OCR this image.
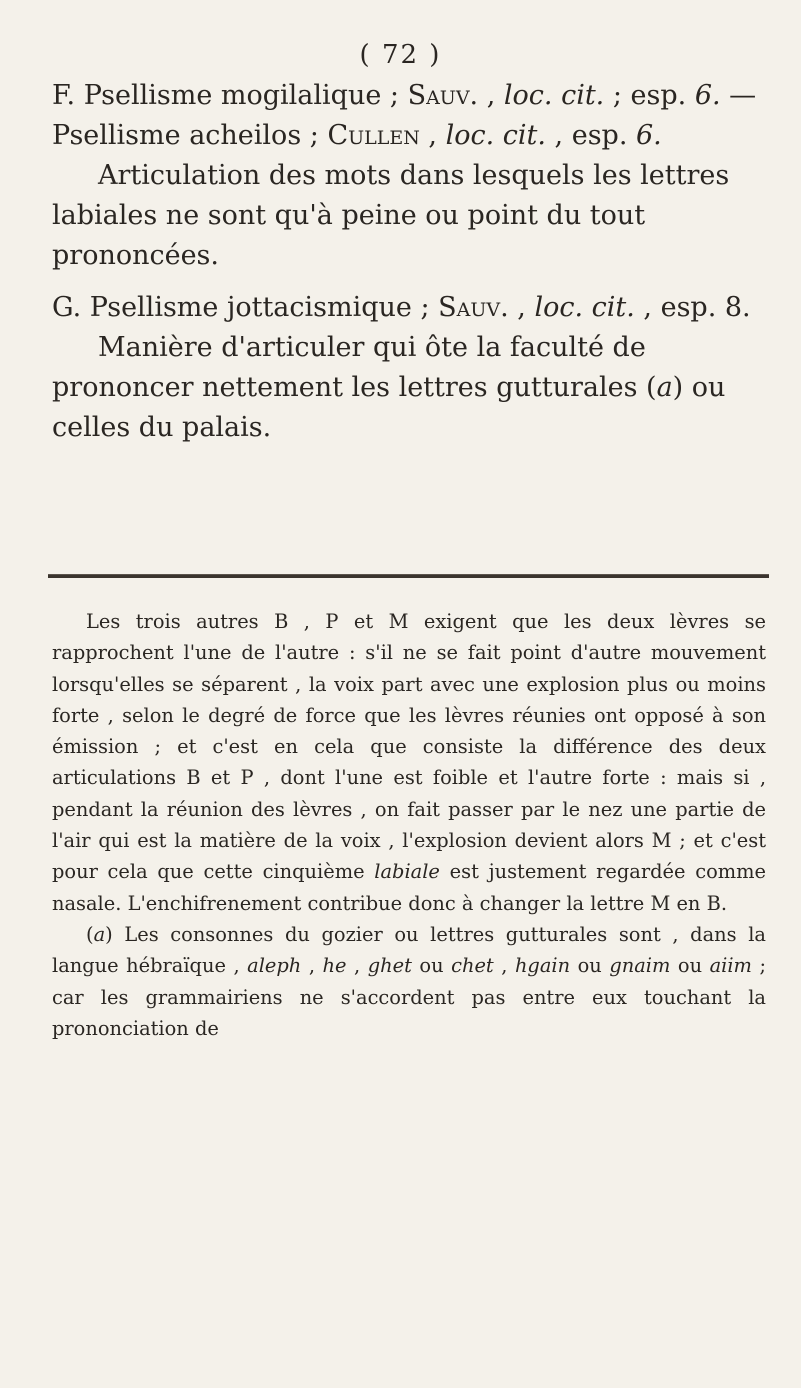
( 72 )

F. Psellisme mogilalique ; Sauv. , loc. cit. ; esp. 6. — Psellisme acheilos ; Cullen , loc. cit. , esp. 6.

Articulation des mots dans lesquels les lettres labiales ne sont qu'à peine ou point du tout prononcées.

G. Psellisme jottacismique ; Sauv. , loc. cit. , esp. 8.

Manière d'articuler qui ôte la faculté de prononcer nettement les lettres gutturales (a) ou celles du palais.

Les trois autres B , P et M exigent que les deux lèvres se rapprochent l'une de l'autre : s'il ne se fait point d'autre mouvement lorsqu'elles se séparent , la voix part avec une explosion plus ou moins forte , selon le degré de force que les lèvres réunies ont opposé à son émission ; et c'est en cela que consiste la différence des deux articulations B et P , dont l'une est foible et l'autre forte : mais si , pendant la réunion des lèvres , on fait passer par le nez une partie de l'air qui est la matière de la voix , l'explosion devient alors M ; et c'est pour cela que cette cinquième labiale est justement regardée comme nasale. L'enchifrenement contribue donc à changer la lettre M en B.

(a) Les consonnes du gozier ou lettres gutturales sont , dans la langue hébraïque , aleph , he , ghet ou chet , hgain ou gnaim ou aiim ; car les grammairiens ne s'accordent pas entre eux touchant la prononciation de
